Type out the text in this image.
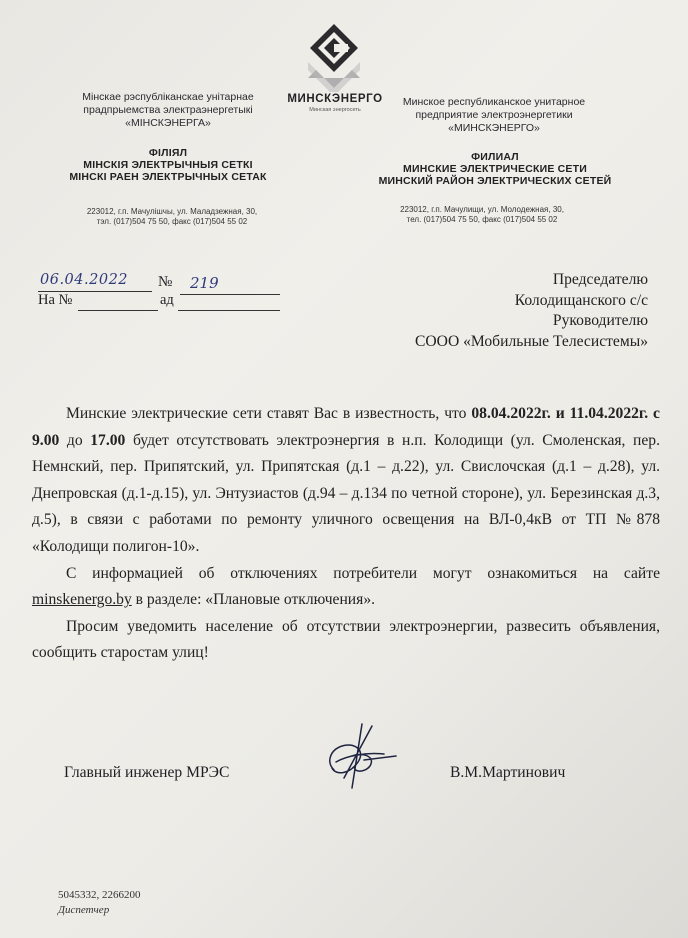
МИНСКЭНЕРГО
Минская энергосеть
Мінскае рэспубліканскае унітарнае
прадпрыемства электраэнергетыкі
«МІНСКЭНЕРГА»
ФІЛІЯЛ
МІНСКІЯ ЭЛЕКТРЫЧНЫЯ СЕТКІ
МІНСКІ РАЕН ЭЛЕКТРЫЧНЫХ СЕТАК
223012, г.п. Мачулішчы, ул. Маладзежная, 30,
тэл. (017)504 75 50, факс (017)504 55 02
Минское республиканское унитарное
предприятие электроэнергетики
«МИНСКЭНЕРГО»
ФИЛИАЛ
МИНСКИЕ ЭЛЕКТРИЧЕСКИЕ СЕТИ
МИНСКИЙ РАЙОН ЭЛЕКТРИЧЕСКИХ СЕТЕЙ
223012, г.п. Мачулищи, ул. Молодежная, 30,
тел. (017)504 75 50, факс (017)504 55 02
06.04.2022 № 219
На №	ад
Председателю
Колодищанского с/с
Руководителю
СООО «Мобильные Телесистемы»

Минские электрические сети ставят Вас в известность, что 08.04.2022г. и 11.04.2022г. с 9.00 до 17.00 будет отсутствовать электроэнергия в н.п. Колодищи (ул. Смоленская, пер. Немнский, пер. Припятский, ул. Припятская (д.1 – д.22), ул. Свислочская (д.1 – д.28), ул. Днепровская (д.1-д.15), ул. Энтузиастов (д.94 – д.134 по четной стороне), ул. Березинская д.3, д.5), в связи с работами по ремонту уличного освещения на ВЛ-0,4кВ от ТП №878 «Колодищи полигон-10».

С информацией об отключениях потребители могут ознакомиться на сайте minskenergo.by в разделе: «Плановые отключения».

Просим уведомить население об отсутствии электроэнергии, развесить объявления, сообщить старостам улиц!

Главный инженер МРЭС	В.М.Мартинович
5045332, 2266200
Диспетчер
